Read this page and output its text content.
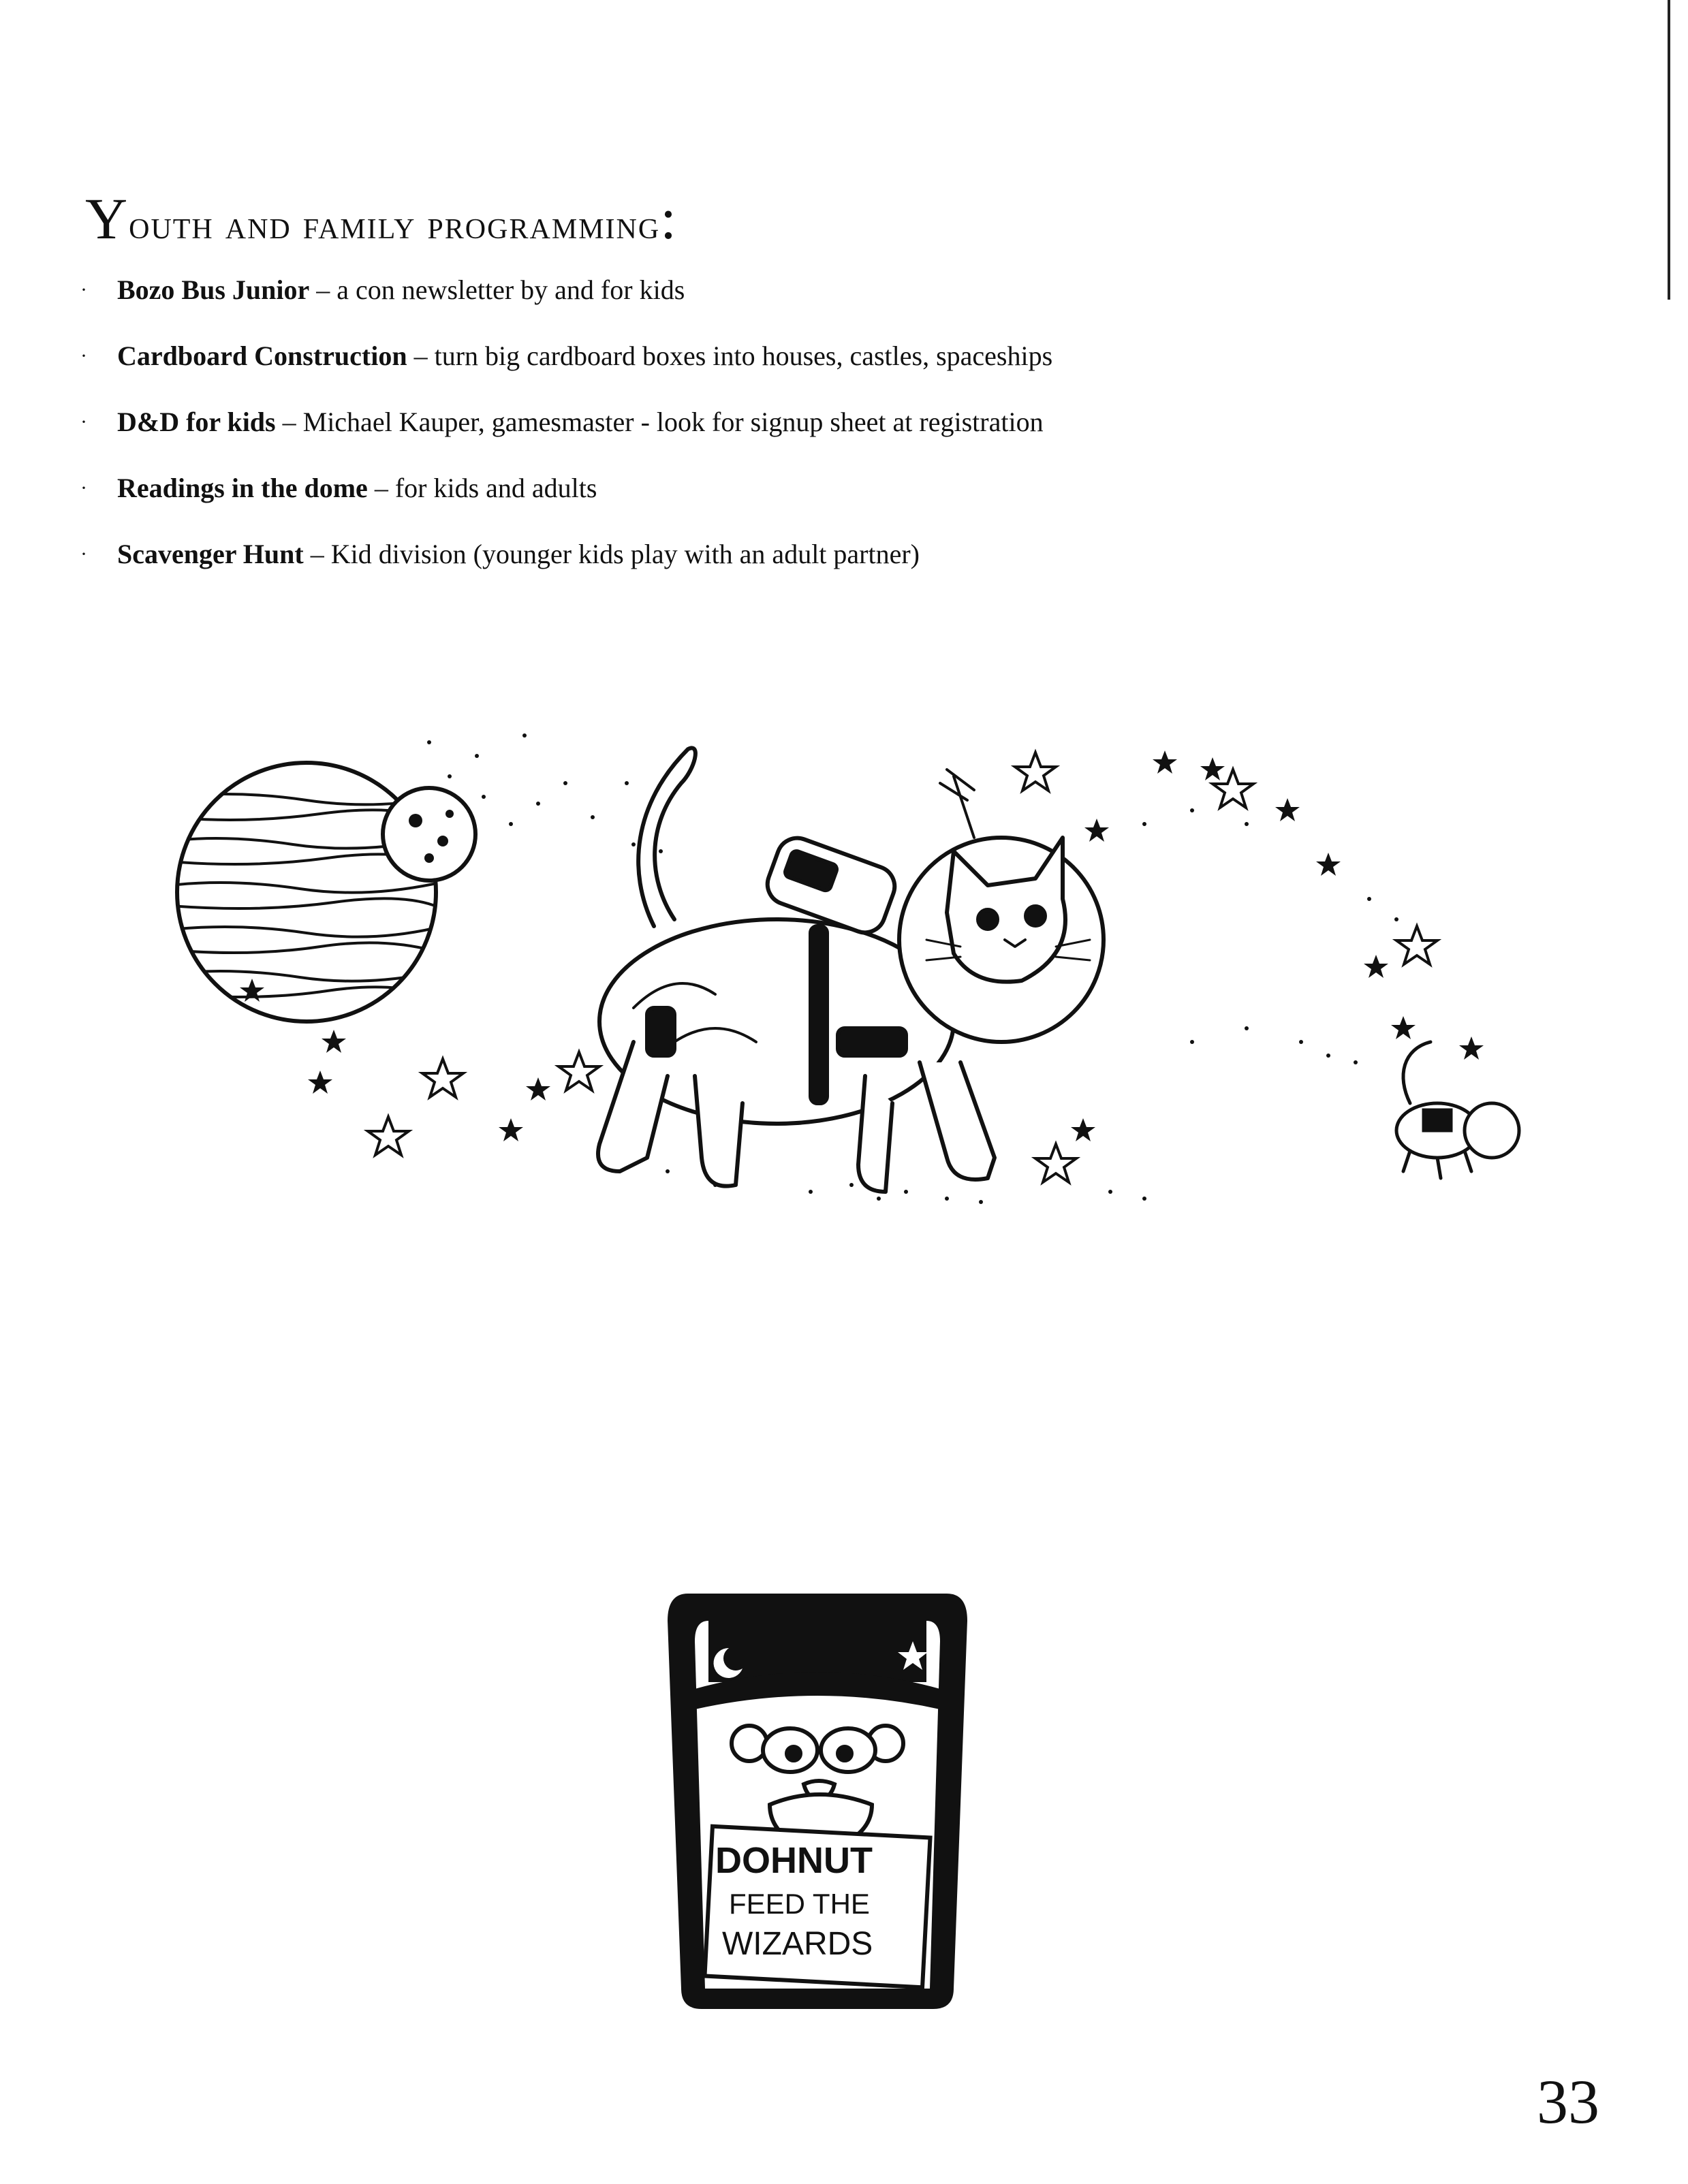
Youth and family programming:
· Bozo Bus Junior – a con newsletter by and for kids
· Cardboard Construction – turn big cardboard boxes into houses, castles, spaceships
· D&D for kids – Michael Kauper, gamesmaster - look for signup sheet at registration
· Readings in the dome – for kids and adults
· Scavenger Hunt – Kid division (younger kids play with an adult partner)
DOHNUT
FEED THE
WIZARDS
33
